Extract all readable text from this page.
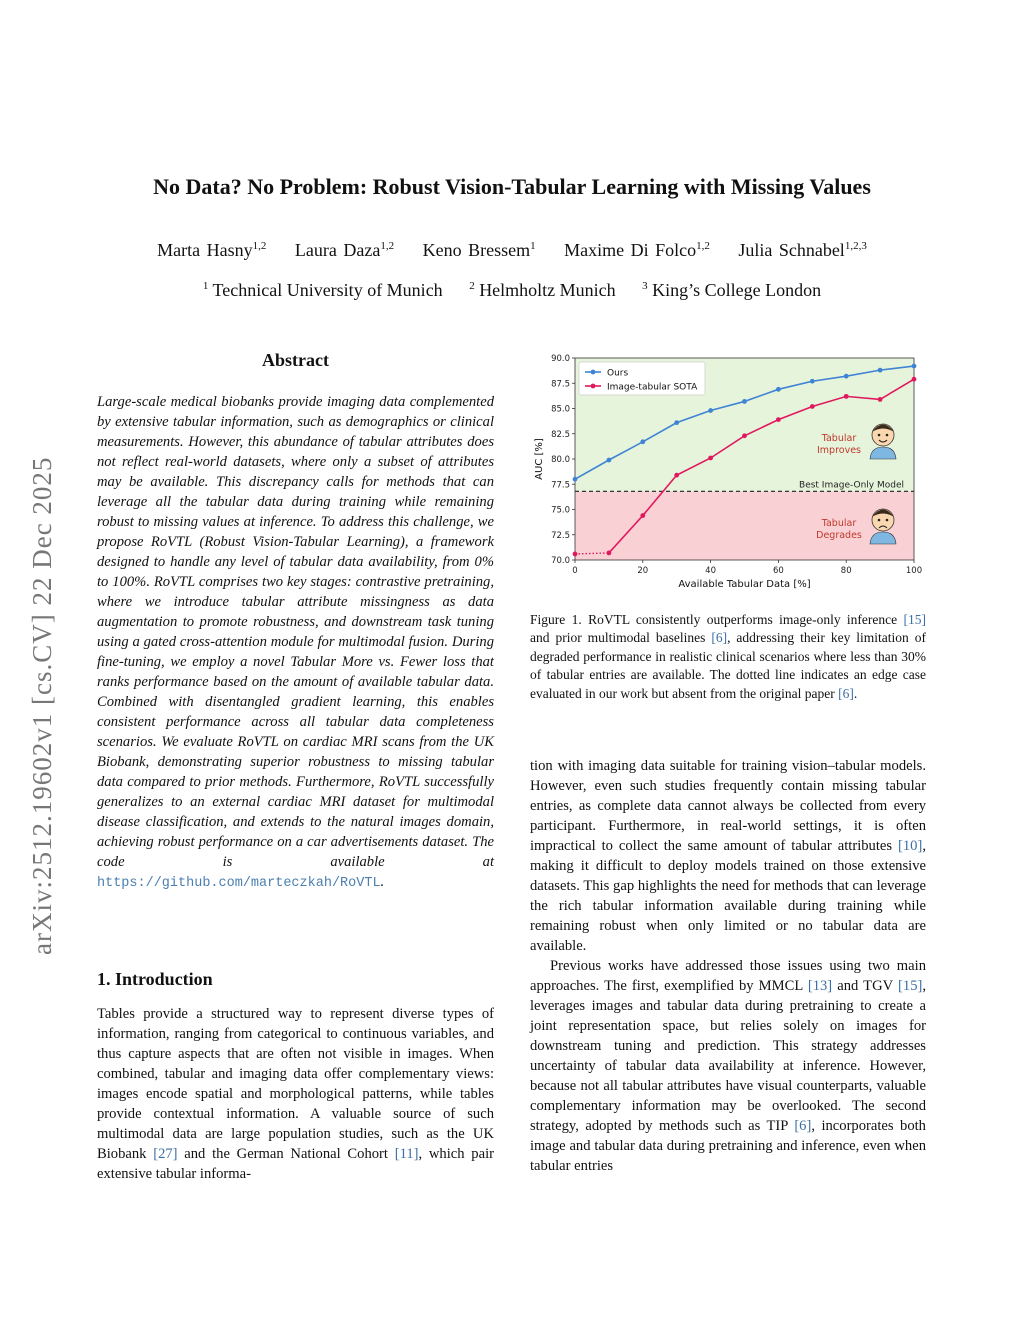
arXiv:2512.19602v1 [cs.CV] 22 Dec 2025
No Data? No Problem: Robust Vision-Tabular Learning with Missing Values
Marta Hasny$^{1,2}$ Laura Daza$^{1,2}$ Keno Bressem$^1$ Maxime Di Folco$^{1,2}$ Julia Schnabel$^{1,2,3}$
$^1$ Technical University of Munich $^2$ Helmholtz Munich $^3$ King’s College London
Abstract
Large-scale medical biobanks provide imaging data complemented by extensive tabular information, such as demographics or clinical measurements. However, this abundance of tabular attributes does not reflect real-world datasets, where only a subset of attributes may be available. This discrepancy calls for methods that can leverage all the tabular data during training while remaining robust to missing values at inference. To address this challenge, we propose RoVTL (Robust Vision-Tabular Learning), a framework designed to handle any level of tabular data availability, from 0% to 100%. RoVTL comprises two key stages: contrastive pretraining, where we introduce tabular attribute missingness as data augmentation to promote robustness, and downstream task tuning using a gated cross-attention module for multimodal fusion. During fine-tuning, we employ a novel Tabular More vs. Fewer loss that ranks performance based on the amount of available tabular data. Combined with disentangled gradient learning, this enables consistent performance across all tabular data completeness scenarios. We evaluate RoVTL on cardiac MRI scans from the UK Biobank, demonstrating superior robustness to missing tabular data compared to prior methods. Furthermore, RoVTL successfully generalizes to an external cardiac MRI dataset for multimodal disease classification, and extends to the natural images domain, achieving robust performance on a car advertisements dataset. The code is available at https://github.com/marteczkah/RoVTL.
1. Introduction
Tables provide a structured way to represent diverse types of information, ranging from categorical to continuous variables, and thus capture aspects that are often not visible in images. When combined, tabular and imaging data offer complementary views: images encode spatial and morphological patterns, while tables provide contextual information. A valuable source of such multimodal data are large population studies, such as the UK Biobank [27] and the German National Cohort [11], which pair extensive tabular informa-
Best Image-Only Model
70.0
72.5
75.0
77.5
80.0
82.5
85.0
87.5
90.0
0	20	40	60	80	100
Available Tabular Data [%]
AUC [%]	Tabular
Improves
Tabular
Degrades
Ours
Image-tabular SOTA
Figure 1. RoVTL consistently outperforms image-only inference [15] and prior multimodal baselines [6], addressing their key limitation of degraded performance in realistic clinical scenarios where less than 30% of tabular entries are available. The dotted line indicates an edge case evaluated in our work but absent from the original paper [6].

tion with imaging data suitable for training vision–tabular models. However, even such studies frequently contain missing tabular entries, as complete data cannot always be collected from every participant. Furthermore, in real-world settings, it is often impractical to collect the same amount of tabular attributes [10], making it difficult to deploy models trained on those extensive datasets. This gap highlights the need for methods that can leverage the rich tabular information available during training while remaining robust when only limited or no tabular data are available.

Previous works have addressed those issues using two main approaches. The first, exemplified by MMCL [13] and TGV [15], leverages images and tabular data during pretraining to create a joint representation space, but relies solely on images for downstream tuning and prediction. This strategy addresses uncertainty of tabular data availability at inference. However, because not all tabular attributes have visual counterparts, valuable complementary information may be overlooked. The second strategy, adopted by methods such as TIP [6], incorporates both image and tabular data during pretraining and inference, even when tabular entries
